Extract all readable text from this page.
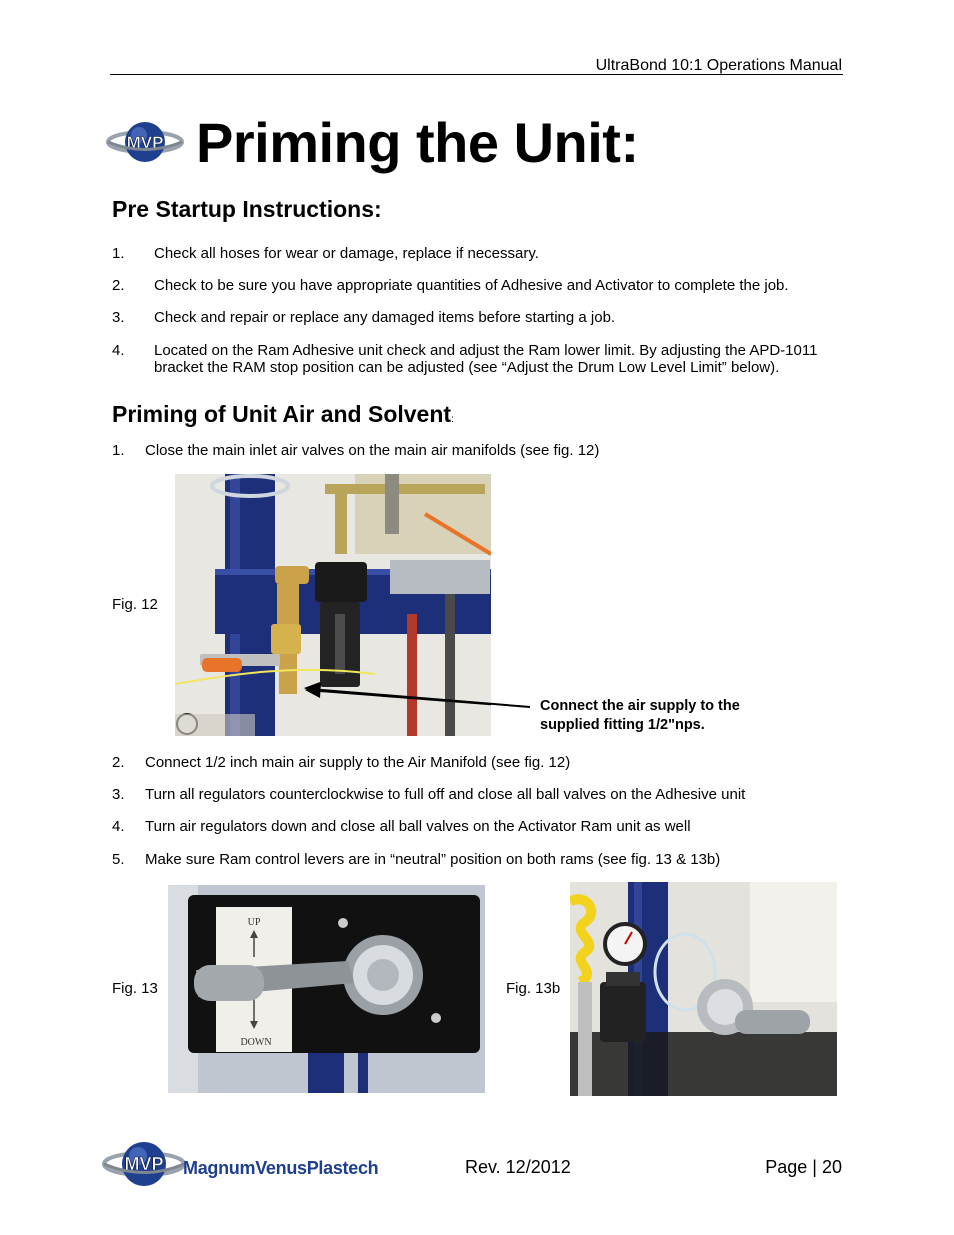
UltraBond 10:1 Operations Manual
MVP Priming the Unit:
Pre Startup Instructions:
1. Check all hoses for wear or damage, replace if necessary.
2. Check to be sure you have appropriate quantities of Adhesive and Activator to complete the job.
3. Check and repair or replace any damaged items before starting a job.
4. Located on the Ram Adhesive unit check and adjust the Ram lower limit. By adjusting the APD-1011
bracket the RAM stop position can be adjusted (see “Adjust the Drum Low Level Limit” below).
Priming of Unit Air and Solvent:
1. Close the main inlet air valves on the main air manifolds (see fig. 12)
Fig. 12
Connect the air supply to the
supplied fitting 1/2"nps.
2. Connect 1/2 inch main air supply to the Air Manifold (see fig. 12)
3. Turn all regulators counterclockwise to full off and close all ball valves on the Adhesive unit
4. Turn air regulators down and close all ball valves on the Activator Ram unit as well
5. Make sure Ram control levers are in “neutral” position on both rams (see fig. 13 & 13b)
Fig. 13
UP
DOWN
Fig. 13b
MVP MagnumVenusPlastech	Rev. 12/2012	Page | 20
